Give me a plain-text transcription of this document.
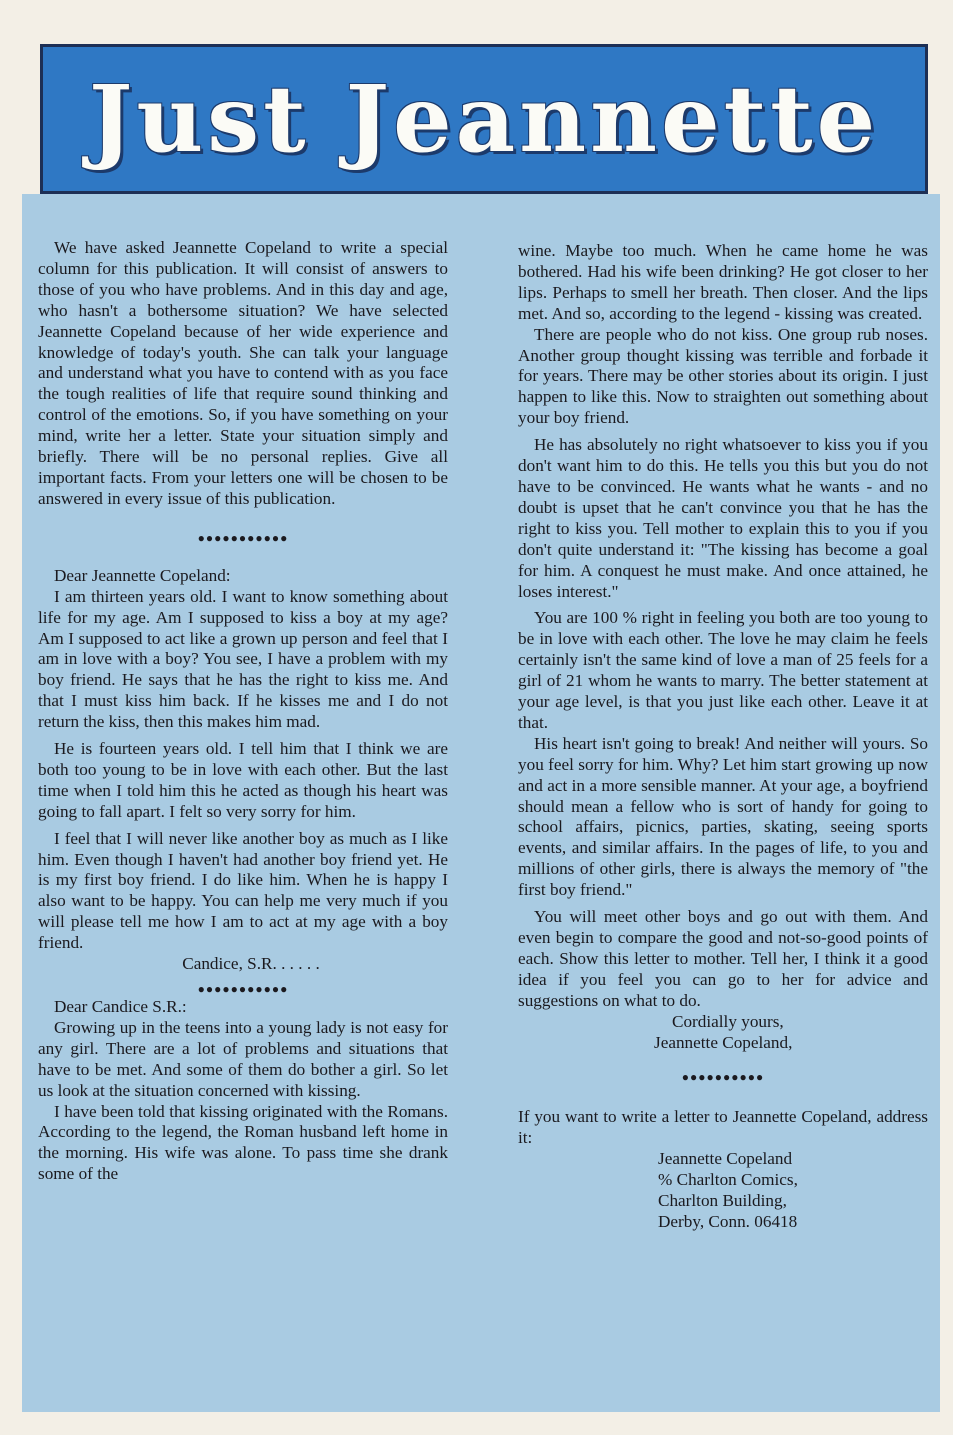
Just Jeannette

We have asked Jeannette Copeland to write a special column for this publication. It will consist of answers to those of you who have problems. And in this day and age, who hasn't a bothersome situation? We have selected Jeannette Copeland because of her wide experience and knowledge of today's youth. She can talk your language and understand what you have to contend with as you face the tough realities of life that require sound thinking and control of the emotions. So, if you have something on your mind, write her a letter. State your situation simply and briefly. There will be no personal replies. Give all important facts. From your letters one will be chosen to be answered in every issue of this publication.

●●●●●●●●●●●

Dear Jeannette Copeland:

I am thirteen years old. I want to know something about life for my age. Am I supposed to kiss a boy at my age? Am I supposed to act like a grown up person and feel that I am in love with a boy? You see, I have a problem with my boy friend. He says that he has the right to kiss me. And that I must kiss him back. If he kisses me and I do not return the kiss, then this makes him mad.

He is fourteen years old. I tell him that I think we are both too young to be in love with each other. But the last time when I told him this he acted as though his heart was going to fall apart. I felt so very sorry for him.

I feel that I will never like another boy as much as I like him. Even though I haven't had another boy friend yet. He is my first boy friend. I do like him. When he is happy I also want to be happy. You can help me very much if you will please tell me how I am to act at my age with a boy friend.

Candice, S.R. . . . . .

●●●●●●●●●●●

Dear Candice S.R.:

Growing up in the teens into a young lady is not easy for any girl. There are a lot of problems and situations that have to be met. And some of them do bother a girl. So let us look at the situation concerned with kissing.

I have been told that kissing originated with the Romans. According to the legend, the Roman husband left home in the morning. His wife was alone. To pass time she drank some of the

wine. Maybe too much. When he came home he was bothered. Had his wife been drinking? He got closer to her lips. Perhaps to smell her breath. Then closer. And the lips met. And so, according to the legend - kissing was created.

There are people who do not kiss. One group rub noses. Another group thought kissing was terrible and forbade it for years. There may be other stories about its origin. I just happen to like this. Now to straighten out something about your boy friend.

He has absolutely no right whatsoever to kiss you if you don't want him to do this. He tells you this but you do not have to be convinced. He wants what he wants - and no doubt is upset that he can't convince you that he has the right to kiss you. Tell mother to explain this to you if you don't quite understand it: "The kissing has become a goal for him. A conquest he must make. And once attained, he loses interest."

You are 100 % right in feeling you both are too young to be in love with each other. The love he may claim he feels certainly isn't the same kind of love a man of 25 feels for a girl of 21 whom he wants to marry. The better statement at your age level, is that you just like each other. Leave it at that.

His heart isn't going to break! And neither will yours. So you feel sorry for him. Why? Let him start growing up now and act in a more sensible manner. At your age, a boyfriend should mean a fellow who is sort of handy for going to school affairs, picnics, parties, skating, seeing sports events, and similar affairs. In the pages of life, to you and millions of other girls, there is always the memory of "the first boy friend."

You will meet other boys and go out with them. And even begin to compare the good and not-so-good points of each. Show this letter to mother. Tell her, I think it a good idea if you feel you can go to her for advice and suggestions on what to do.

Cordially yours,

Jeannette Copeland,

●●●●●●●●●●

If you want to write a letter to Jeannette Copeland, address it:

Jeannette Copeland

% Charlton Comics,

Charlton Building,

Derby, Conn. 06418
